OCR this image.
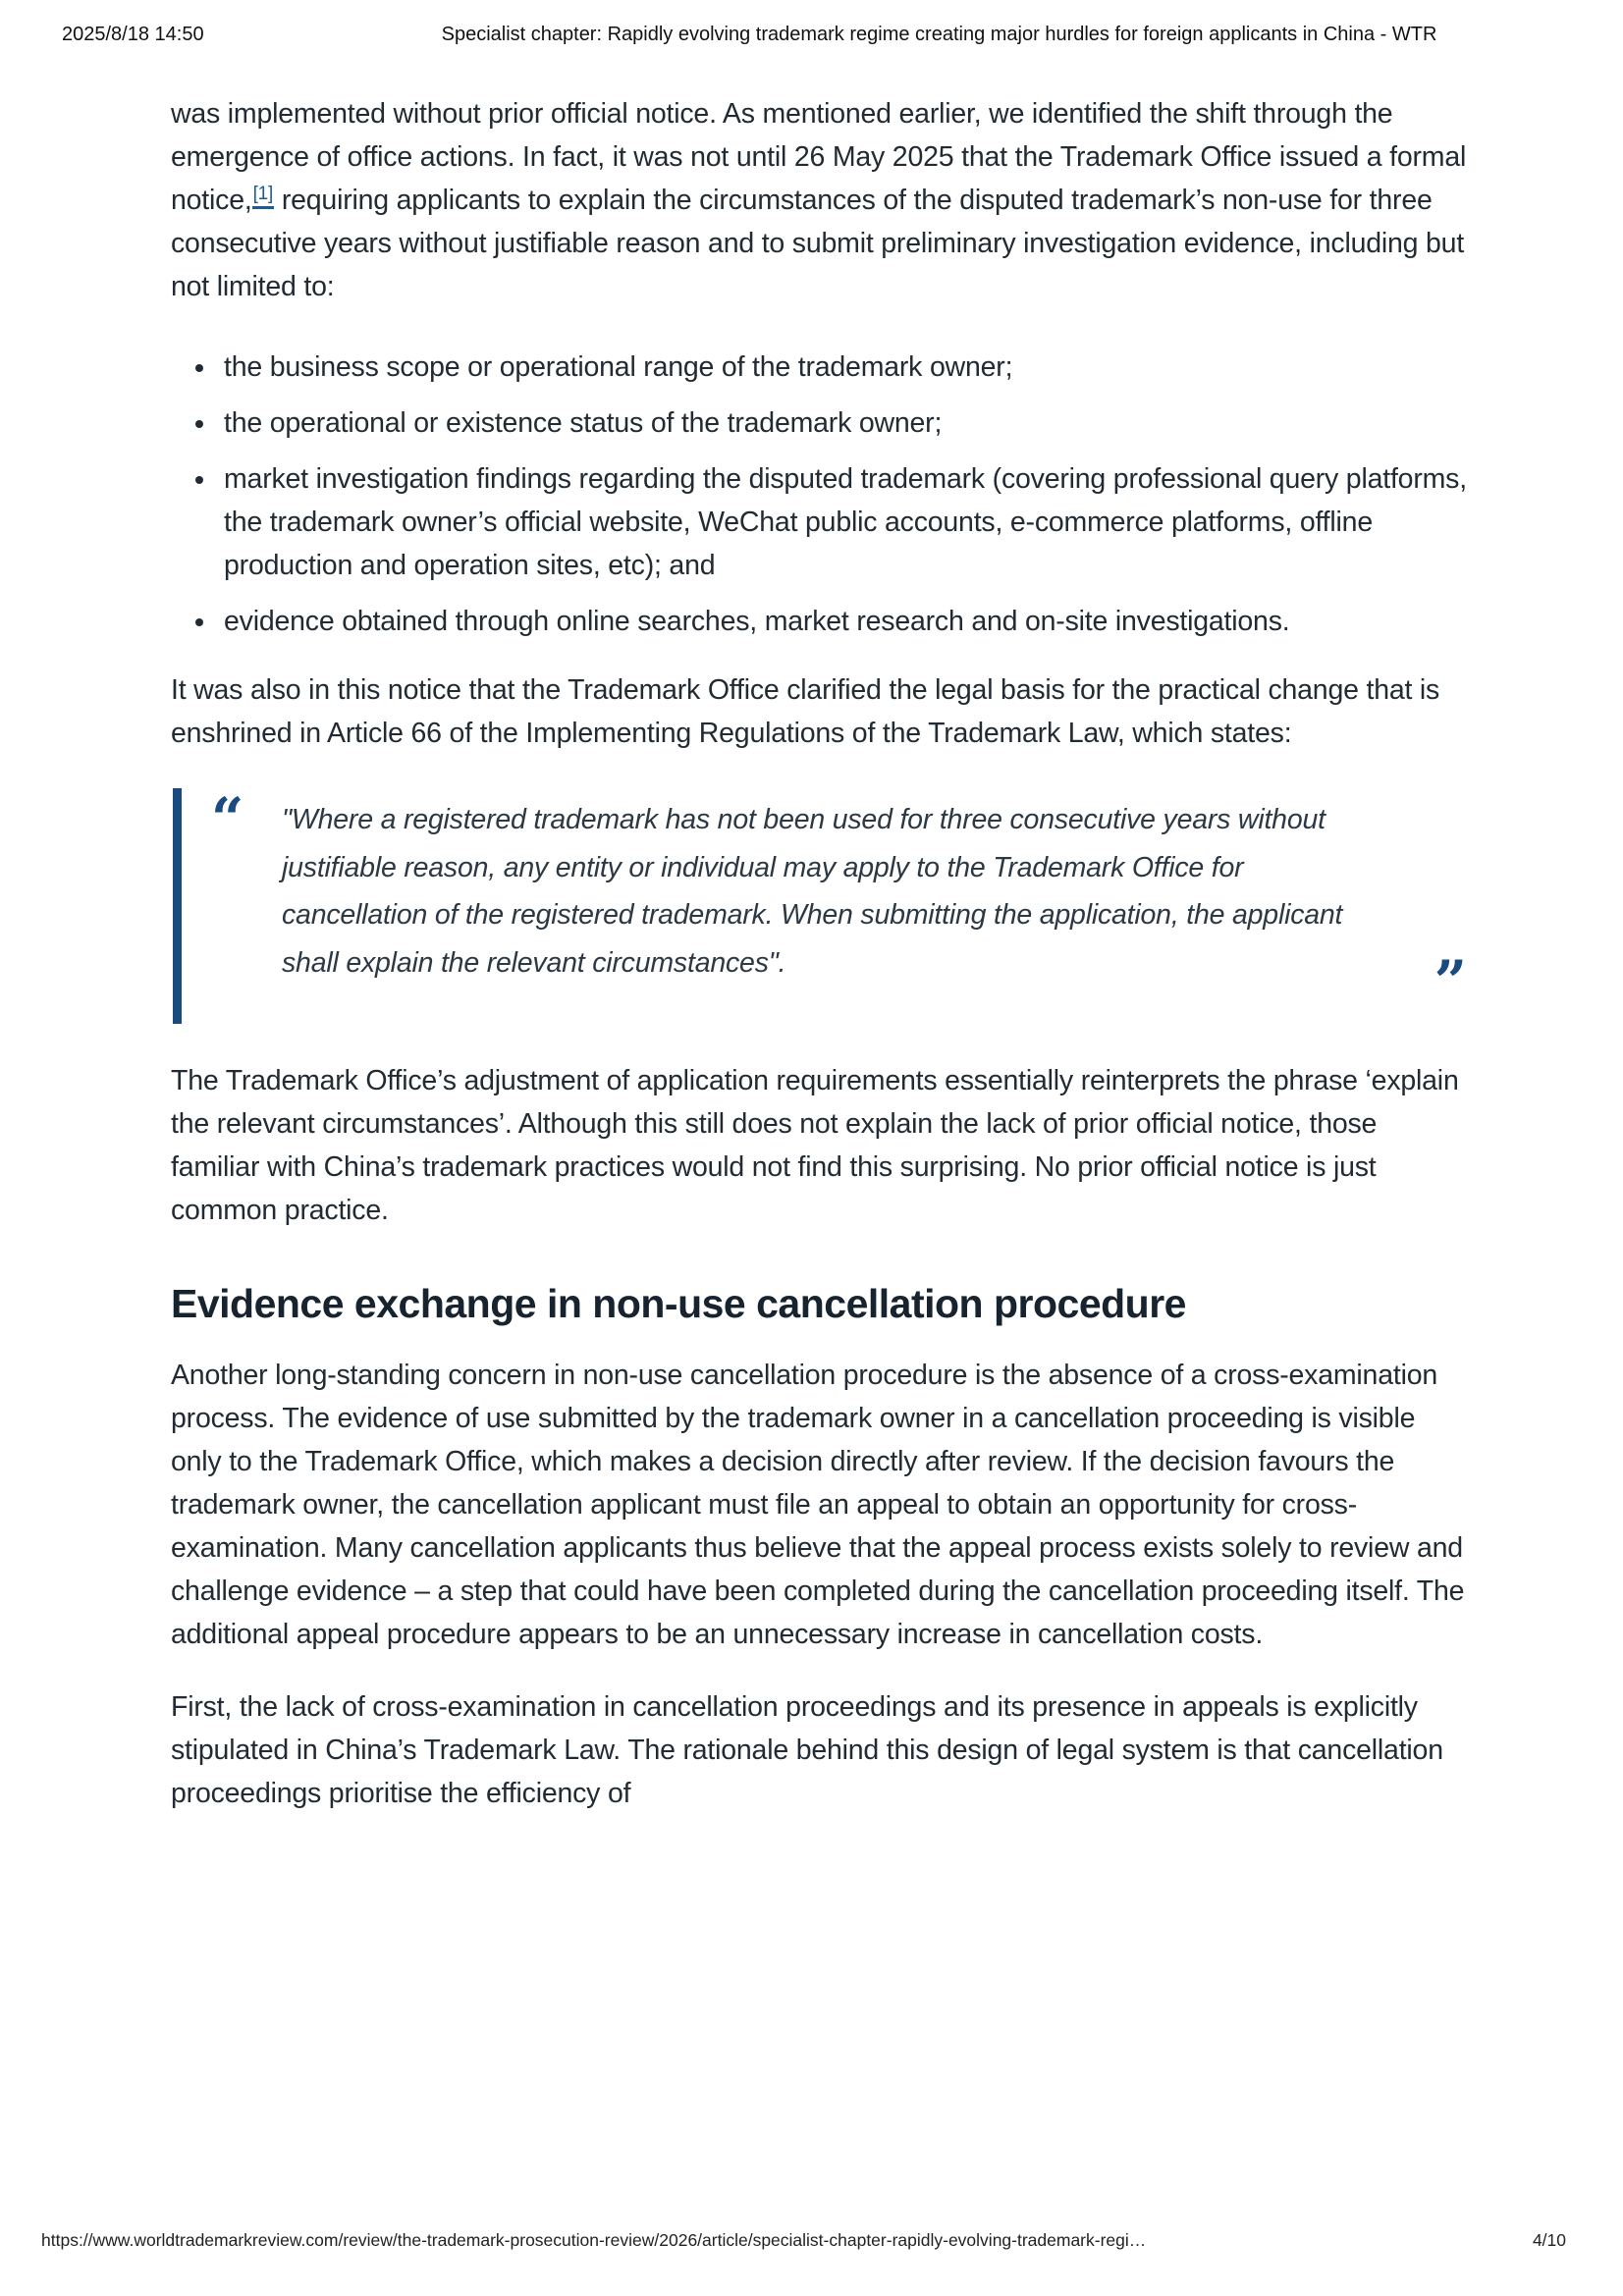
2025/8/18 14:50	Specialist chapter: Rapidly evolving trademark regime creating major hurdles for foreign applicants in China - WTR

was implemented without prior official notice. As mentioned earlier, we identified the shift through the emergence of office actions. In fact, it was not until 26 May 2025 that the Trademark Office issued a formal notice,[1] requiring applicants to explain the circumstances of the disputed trademark’s non-use for three consecutive years without justifiable reason and to submit preliminary investigation evidence, including but not limited to:

• the business scope or operational range of the trademark owner;
• the operational or existence status of the trademark owner;
• market investigation findings regarding the disputed trademark (covering professional query platforms, the trademark owner’s official website, WeChat public accounts, e-commerce platforms, offline production and operation sites, etc); and
• evidence obtained through online searches, market research and on-site investigations.

It was also in this notice that the Trademark Office clarified the legal basis for the practical change that is enshrined in Article 66 of the Implementing Regulations of the Trademark Law, which states:

“ "Where a registered trademark has not been used for three consecutive years without justifiable reason, any entity or individual may apply to the Trademark Office for cancellation of the registered trademark. When submitting the application, the applicant shall explain the relevant circumstances".	”

The Trademark Office’s adjustment of application requirements essentially reinterprets the phrase ‘explain the relevant circumstances’. Although this still does not explain the lack of prior official notice, those familiar with China’s trademark practices would not find this surprising. No prior official notice is just common practice.

Evidence exchange in non-use cancellation procedure

Another long-standing concern in non-use cancellation procedure is the absence of a cross-examination process. The evidence of use submitted by the trademark owner in a cancellation proceeding is visible only to the Trademark Office, which makes a decision directly after review. If the decision favours the trademark owner, the cancellation applicant must file an appeal to obtain an opportunity for cross-examination. Many cancellation applicants thus believe that the appeal process exists solely to review and challenge evidence – a step that could have been completed during the cancellation proceeding itself. The additional appeal procedure appears to be an unnecessary increase in cancellation costs.

First, the lack of cross-examination in cancellation proceedings and its presence in appeals is explicitly stipulated in China’s Trademark Law. The rationale behind this design of legal system is that cancellation proceedings prioritise the efficiency of

https://www.worldtrademarkreview.com/review/the-trademark-prosecution-review/2026/article/specialist-chapter-rapidly-evolving-trademark-regi…	4/10
